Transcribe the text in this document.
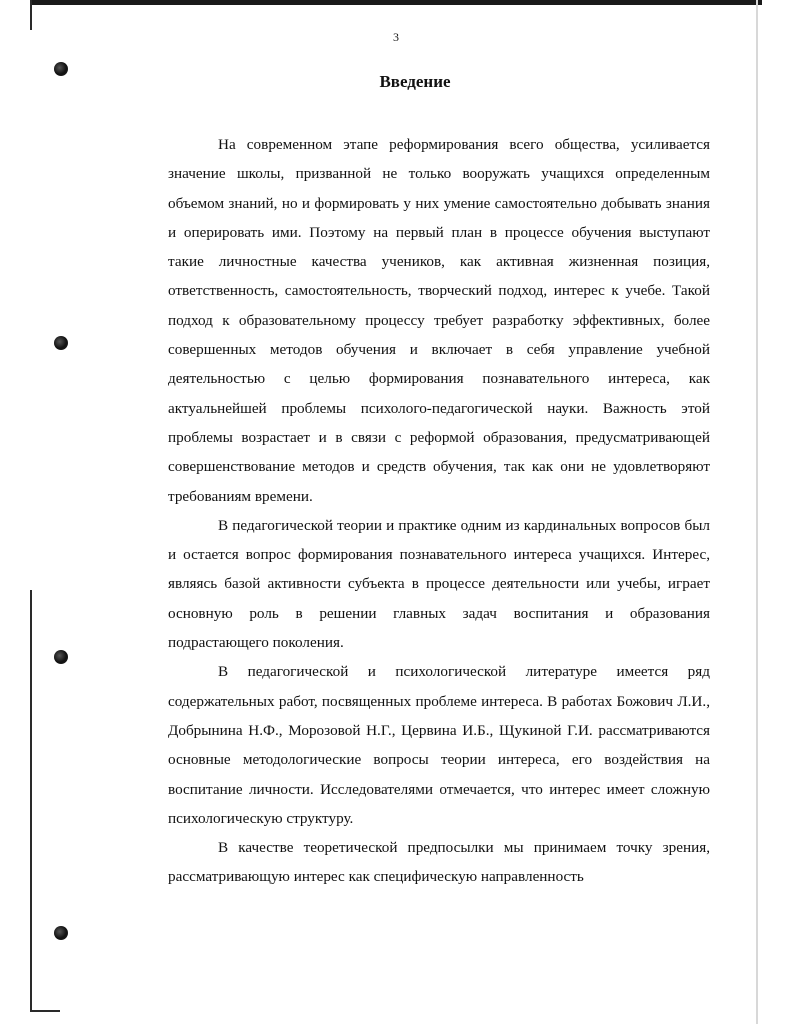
3
Введение

На современном этапе реформирования всего общества, усиливается значение школы, призванной не только вооружать учащихся определенным объемом знаний, но и формировать у них умение самостоятельно добывать знания и оперировать ими. Поэтому на первый план в процессе обучения выступают такие личностные качества учеников, как активная жизненная позиция, ответственность, самостоятельность, творческий подход, интерес к учебе. Такой подход к образовательному процессу требует разработку эффективных, более совершенных методов обучения и включает в себя управление учебной деятельностью с целью формирования познавательного интереса, как актуальнейшей проблемы психолого-педагогической науки. Важность этой проблемы возрастает и в связи с реформой образования, предусматривающей совершенствование методов и средств обучения, так как они не удовлетворяют требованиям времени.

В педагогической теории и практике одним из кардинальных вопросов был и остается вопрос формирования познавательного интереса учащихся. Интерес, являясь базой активности субъекта в процессе деятельности или учебы, играет основную роль в решении главных задач воспитания и образования подрастающего поколения.

В педагогической и психологической литературе имеется ряд содержательных работ, посвященных проблеме интереса. В работах Божович Л.И., Добрынина Н.Ф., Морозовой Н.Г., Цервина И.Б., Щукиной Г.И. рассматриваются основные методологические вопросы теории интереса, его воздействия на воспитание личности. Исследователями отмечается, что интерес имеет сложную психологическую структуру.

В качестве теоретической предпосылки мы принимаем точку зрения, рассматривающую интерес как специфическую направленность
